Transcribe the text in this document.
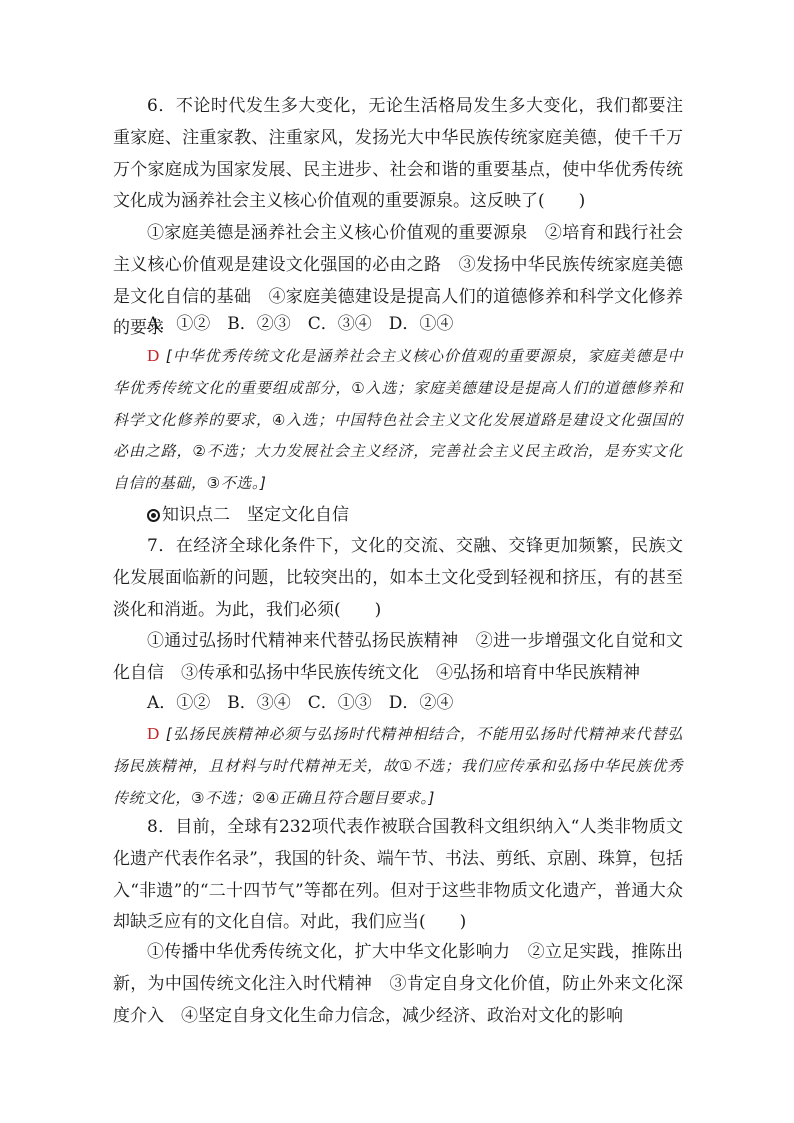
6．不论时代发生多大变化，无论生活格局发生多大变化，我们都要注重家庭、注重家教、注重家风，发扬光大中华民族传统家庭美德，使千千万万个家庭成为国家发展、民主进步、社会和谐的重要基点，使中华优秀传统文化成为涵养社会主义核心价值观的重要源泉。这反映了(　　)

①家庭美德是涵养社会主义核心价值观的重要源泉　②培育和践行社会主义核心价值观是建设文化强国的必由之路　③发扬中华民族传统家庭美德是文化自信的基础　④家庭美德建设是提高人们的道德修养和科学文化修养的要求

A．①②　B．②③　C．③④　D．①④

D [中华优秀传统文化是涵养社会主义核心价值观的重要源泉，家庭美德是中华优秀传统文化的重要组成部分，①入选；家庭美德建设是提高人们的道德修养和科学文化修养的要求，④入选；中国特色社会主义文化发展道路是建设文化强国的必由之路，②不选；大力发展社会主义经济，完善社会主义民主政治，是夯实文化自信的基础，③不选。]

知识点二　坚定文化自信

7．在经济全球化条件下，文化的交流、交融、交锋更加频繁，民族文化发展面临新的问题，比较突出的，如本土文化受到轻视和挤压，有的甚至淡化和消逝。为此，我们必须(　　)

①通过弘扬时代精神来代替弘扬民族精神　②进一步增强文化自觉和文化自信　③传承和弘扬中华民族传统文化　④弘扬和培育中华民族精神

A．①②　B．③④　C．①③　D．②④

D [弘扬民族精神必须与弘扬时代精神相结合，不能用弘扬时代精神来代替弘扬民族精神，且材料与时代精神无关，故①不选；我们应传承和弘扬中华民族优秀传统文化，③不选；②④正确且符合题目要求。]

8．目前，全球有232项代表作被联合国教科文组织纳入“人类非物质文化遗产代表作名录”，我国的针灸、端午节、书法、剪纸、京剧、珠算，包括入“非遗”的“二十四节气”等都在列。但对于这些非物质文化遗产，普通大众却缺乏应有的文化自信。对此，我们应当(　　)

①传播中华优秀传统文化，扩大中华文化影响力　②立足实践，推陈出新，为中国传统文化注入时代精神　③肯定自身文化价值，防止外来文化深度介入　④坚定自身文化生命力信念，减少经济、政治对文化的影响
